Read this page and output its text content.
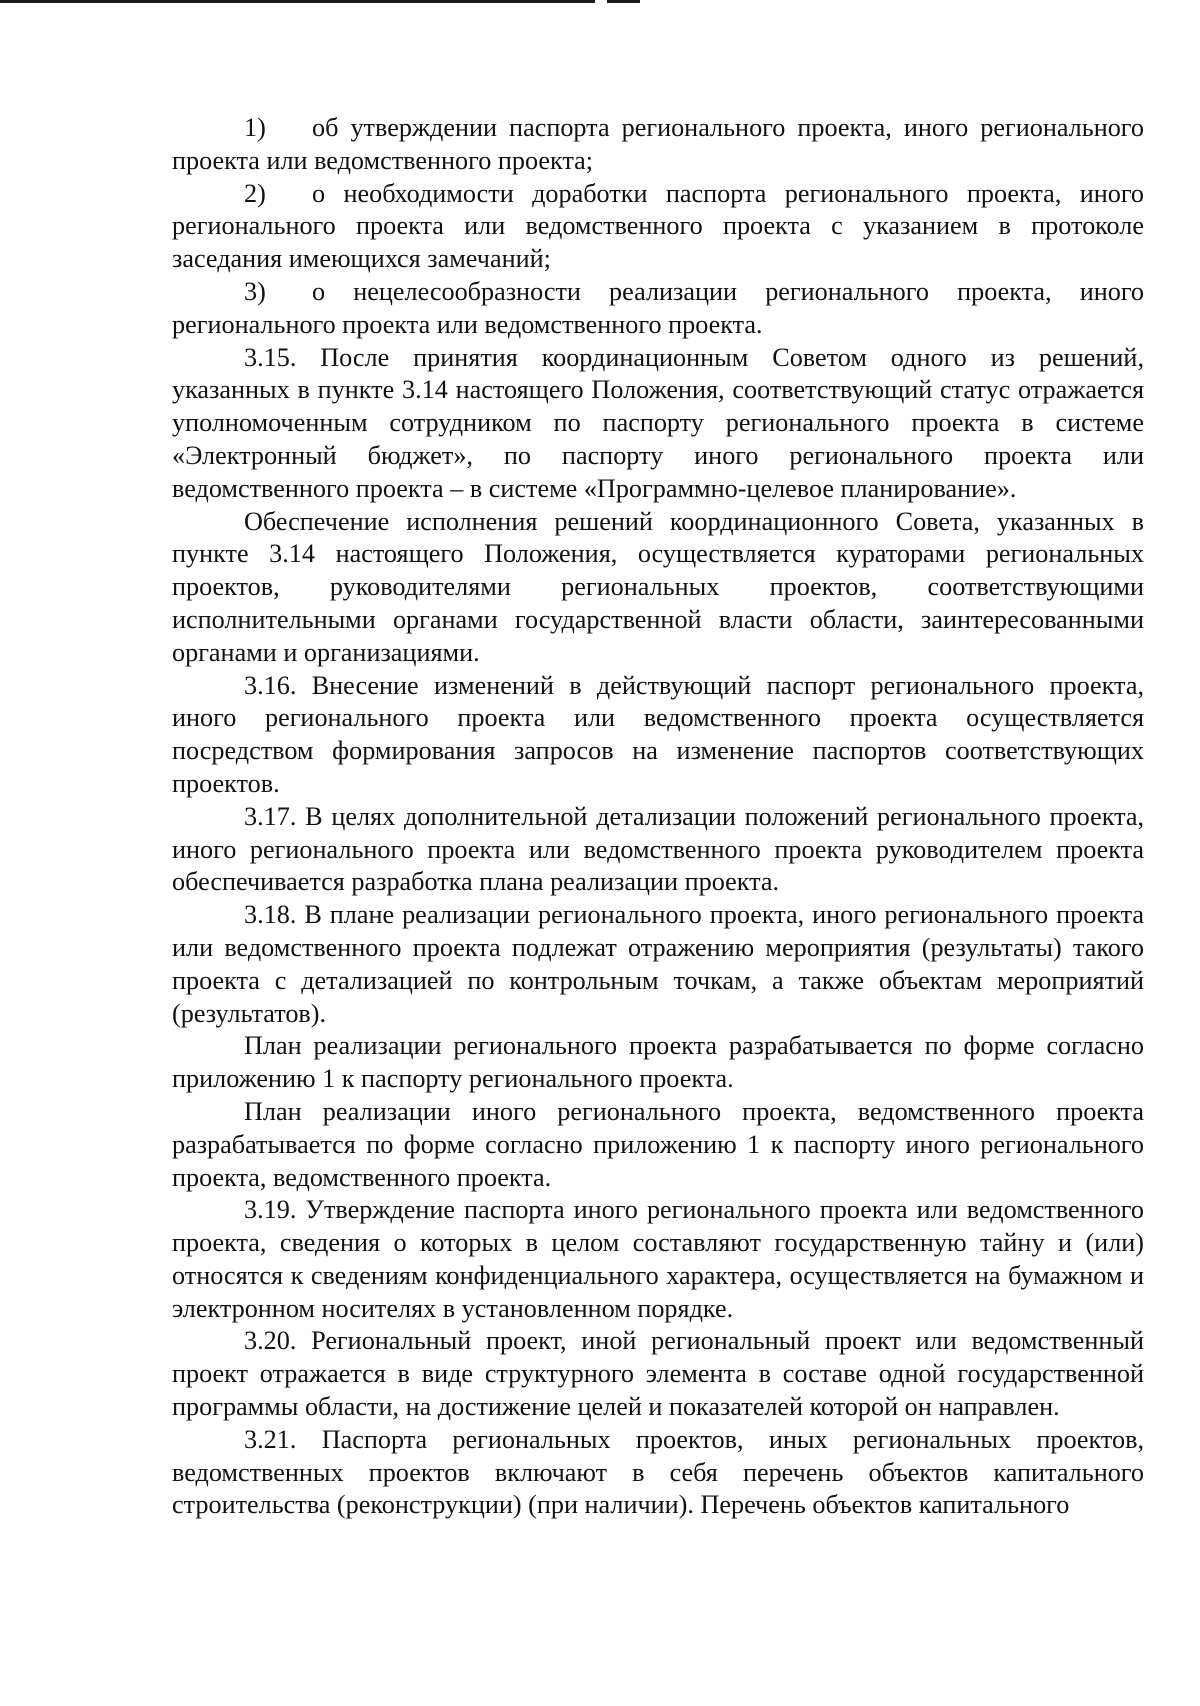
1) об утверждении паспорта регионального проекта, иного регионального проекта или ведомственного проекта;

2) о необходимости доработки паспорта регионального проекта, иного регионального проекта или ведомственного проекта с указанием в протоколе заседания имеющихся замечаний;

3) о нецелесообразности реализации регионального проекта, иного регионального проекта или ведомственного проекта.

3.15. После принятия координационным Советом одного из решений, указанных в пункте 3.14 настоящего Положения, соответствующий статус отражается уполномоченным сотрудником по паспорту регионального проекта в системе «Электронный бюджет», по паспорту иного регионального проекта или ведомственного проекта – в системе «Программно-целевое планирование».

Обеспечение исполнения решений координационного Совета, указанных в пункте 3.14 настоящего Положения, осуществляется кураторами региональных проектов, руководителями региональных проектов, соответствующими исполнительными органами государственной власти области, заинтересованными органами и организациями.

3.16. Внесение изменений в действующий паспорт регионального проекта, иного регионального проекта или ведомственного проекта осуществляется посредством формирования запросов на изменение паспортов соответствующих проектов.

3.17. В целях дополнительной детализации положений регионального проекта, иного регионального проекта или ведомственного проекта руководителем проекта обеспечивается разработка плана реализации проекта.

3.18. В плане реализации регионального проекта, иного регионального проекта или ведомственного проекта подлежат отражению мероприятия (результаты) такого проекта с детализацией по контрольным точкам, а также объектам мероприятий (результатов).

План реализации регионального проекта разрабатывается по форме согласно приложению 1 к паспорту регионального проекта.

План реализации иного регионального проекта, ведомственного проекта разрабатывается по форме согласно приложению 1 к паспорту иного регионального проекта, ведомственного проекта.

3.19. Утверждение паспорта иного регионального проекта или ведомственного проекта, сведения о которых в целом составляют государственную тайну и (или) относятся к сведениям конфиденциального характера, осуществляется на бумажном и электронном носителях в установленном порядке.

3.20. Региональный проект, иной региональный проект или ведомственный проект отражается в виде структурного элемента в составе одной государственной программы области, на достижение целей и показателей которой он направлен.

3.21. Паспорта региональных проектов, иных региональных проектов, ведомственных проектов включают в себя перечень объектов капитального строительства (реконструкции) (при наличии). Перечень объектов капитального
